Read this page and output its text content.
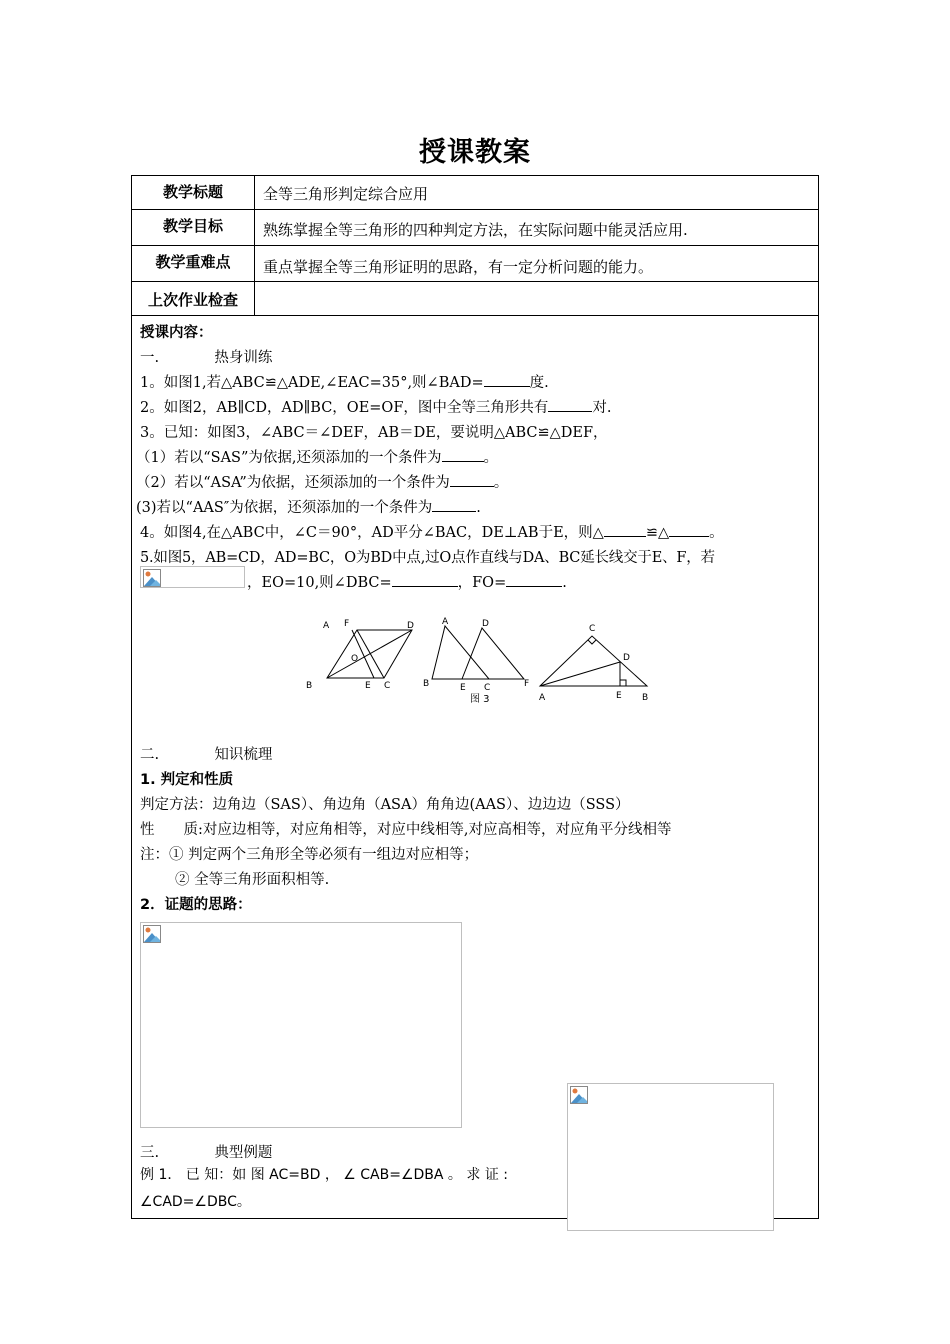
授课教案
教学标题	全等三角形判定综合应用
教学目标	熟练掌握全等三角形的四种判定方法，在实际问题中能灵活应用.
教学重难点	重点掌握全等三角形证明的思路，有一定分析问题的能力。
上次作业检查
授课内容：
一.	热身训练
1。如图1,若△ABC≌△ADE,∠EAC=35°,则∠BAD=	度.
2。如图2，AB∥CD，AD∥BC，OE=OF，图中全等三角形共有	对.
3。已知：如图3，∠ABC＝∠DEF，AB＝DE，要说明△ABC≌△DEF，
（1）若以“SAS”为依据,还须添加的一个条件为	。
（2）若以“ASA”为依据，还须添加的一个条件为	。
(3)若以“AAS″为依据，还须添加的一个条件为	.
4。如图4,在△ABC中，∠C＝90°，AD平分∠BAC，DE⊥AB于E，则△	≌△	。
5.如图5，AB=CD，AD=BC，O为BD中点,过O点作直线与DA、BC延长线交于E、F，若
，EO=10,则∠DBC=	，FO=	.
A F	D
O
B	E C
A	D
B	E C	F
图 3
C
D
A	E B
二.	知识梳理
1. 判定和性质
判定方法：边角边（SAS）、角边角（ASA）角角边(AAS）、边边边（SSS）
性　　质:对应边相等，对应角相等，对应中线相等,对应高相等，对应角平分线相等
注：① 判定两个三角形全等必须有一组边对应相等；
② 全等三角形面积相等.
2．证题的思路：
三.	典型例题
例 1． 已 知：如 图 AC=BD ， ∠ CAB=∠DBA 。 求 证 :
∠CAD=∠DBC。
